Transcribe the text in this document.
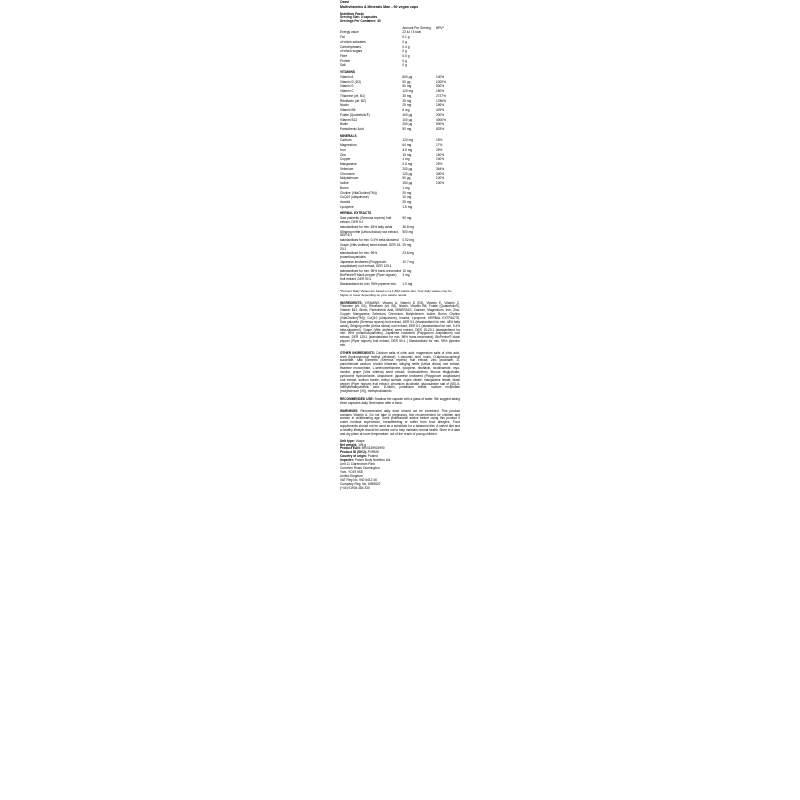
Osavi
Multivitamins & Minerals Man - 90 vegan caps
Nutrition Facts
Serving Size: 3 capsules
Servings Per Container: 30
	Amount Per Serving	NRV*
Energy value	22 kJ / 5 kcal	
Fat	0.1 g	
of which saturates	0 g	
Carbohydrates	0.4 g	
of which sugars	0 g	
Fibre	0.5 g	
Protein	0 g	
Salt	0 g	
VITAMINS		
Vitamin A	800 µg	100%
Vitamin D (D3)	50 µg	1000%
Vitamin E	60 mg	500%
Vitamin C	120 mg	150%
Thiamine (vit. B1)	30 mg	2727%
Riboflavin (vit. B2)	25 mg	1786%
Niacin	25 mg	156%
Vitamin B6	6 mg	429%
Folate (Quatrefolic®)	400 µg	200%
Vitamin B12	100 µg	4000%
Biotin	250 µg	500%
Pantothenic Acid	50 mg	833%
MINERALS		
Calcium	120 mg	15%
Magnesium	64 mg	17%
Iron	3.5 mg	25%
Zinc	15 mg	150%
Copper	1 mg	100%
Manganese	0.5 mg	25%
Selenium	200 µg	364%
Chromium	120 µg	300%
Molybdenum	50 µg	100%
Iodine	150 µg	100%
Boron	1 mg	
Choline (VitaCholine(TM))	25 mg	
CoQ10 (ubiquinone)	10 mg	
Inositol	25 mg	
Lycopene	1.5 mg	
HERBAL EXTRACTS		
Saw palmetto (Serenoa repens) fruit extract, DER 5:1	90 mg	
standardised for min. 48% fatty acids	36.8 mg	
Stinging nettle (Urtica dioica) root extract, DER 6:1	500 mg	
standardised for min. 0.4% beta-sitosterol	0.02 mg	
Grape (Vitis vinifera) seed extract, DER 15-20:1	25 mg	
standardised for min. 95% proanthocyanidins	23.8 mg	
Japanese knotweed (Polygonum cuspidatum) root extract, DER 125:1	10.7 mg	
standardised for min. 98% trans-resveratrol	10 mg	
BioPerine® black pepper (Piper nigrum) fruit extract, DER 50:1	2 mg	
Standardised for min. 95% piperine min.	1.9 mg	
*Percent Daily Values are based on a 1,800 calorie diet. Your daily values may be higher or lower depending on your calorie needs.
INGREDIENTS: VITAMINS, Vitamin A, Vitamin D (D3), Vitamin E, Vitamin C, Thiamine (vit. B1), Riboflavin (vit. B2), Niacin, Vitamin B6, Folate (Quatrefolic®), Vitamin B12, Biotin, Pantothenic Acid, MINERALS, Calcium, Magnesium, Iron, Zinc, Copper, Manganese, Selenium, Chromium, Molybdenum, Iodine, Boron, Choline (VitaCholine(TM)), CoQ10 (ubiquinone), Inositol, Lycopene, HERBAL EXTRACTS, Saw palmetto (Serenoa repens) fruit extract, DER 5:1 (standardised for min. 48% fatty acids), Stinging nettle (Urtica dioica) root extract, DER 6:1 (standardised for min. 0.4% beta-sitosterol), Grape (Vitis vinifera) seed extract, DER 15-20:1 (standardised for min. 95% proanthocyanidins), Japanese knotweed (Polygonum cuspidatum) root extract, DER 125:1 (standardised for min. 98% trans-resveratrol), BioPerine® black pepper (Piper nigrum) fruit extract, DER 50:1 | Standardised for min. 95% piperine min.
OTHER INGREDIENTS: Calcium salts of citric acid, magnesium salts of citric acid, shell (hydroxypropyl methyl cellulose), L-ascorbic acid, inulin, D-alpha-tocopheryl succinate, saw palmetto (Serenoa repens) fruit extract, zinc picolinate, D-pantothenate calcium, choline bitartrate, stinging nettle (Urtica dioica) root extract, thiamine mononitrate, L-selenomethionine, lycopene, riboflavin, nicotinamide, myo-inositol, grape (Vitis vinifera) seed extract, cholecalciferol, ferrous bisglycinate, pyridoxine hydrochloride, ubiquinone, japanese knotweed (Polygonum cuspidatum) root extract, sodium borate, retinyl acetate, cupric citrate, manganese citrate, black pepper (Piper nigrum) fruit extract, chromium picolinate, glucosamine salt of (6S)-5-methyltetrahydrofolic acid, D-biotin, potassium iodide, sodium molybdate (molybdenum (VI)), methylcobalamin.
RECOMMENDED USE: Swallow the capsule with a glass of water. We suggest taking three capsules daily. Best taken after a meal.
WARNINGS: Recommended daily dose should not be exceeded. This product contains Vitamin A. Do not take in pregnancy. Not recommended for children and women in childbearing age. Seek professional advice before using this product if under medical supervision, breastfeeding or suffer from food allergies. Food supplements should not be used as a substitute for a balanced diet. A varied diet and a healthy lifestyle should be carried out to help maintain normal health. Store in a dark and dry place at room temperature, out of the reach of young children.
Unit type: Vcaps
Net weight: 105 g
Product EAN: 5904139924990
Product ID (SKU): P49926
Country of origin: Poland
Importer: Power Body Nutrition Ltd.
Unit 11 Clarendrum Park
Common Road, Dunnington,
York, YO19 5SE
United Kingdom
VAT Reg No. 940 6412 46
Company Reg. No. 6959822
(+44) 01904 484 330
